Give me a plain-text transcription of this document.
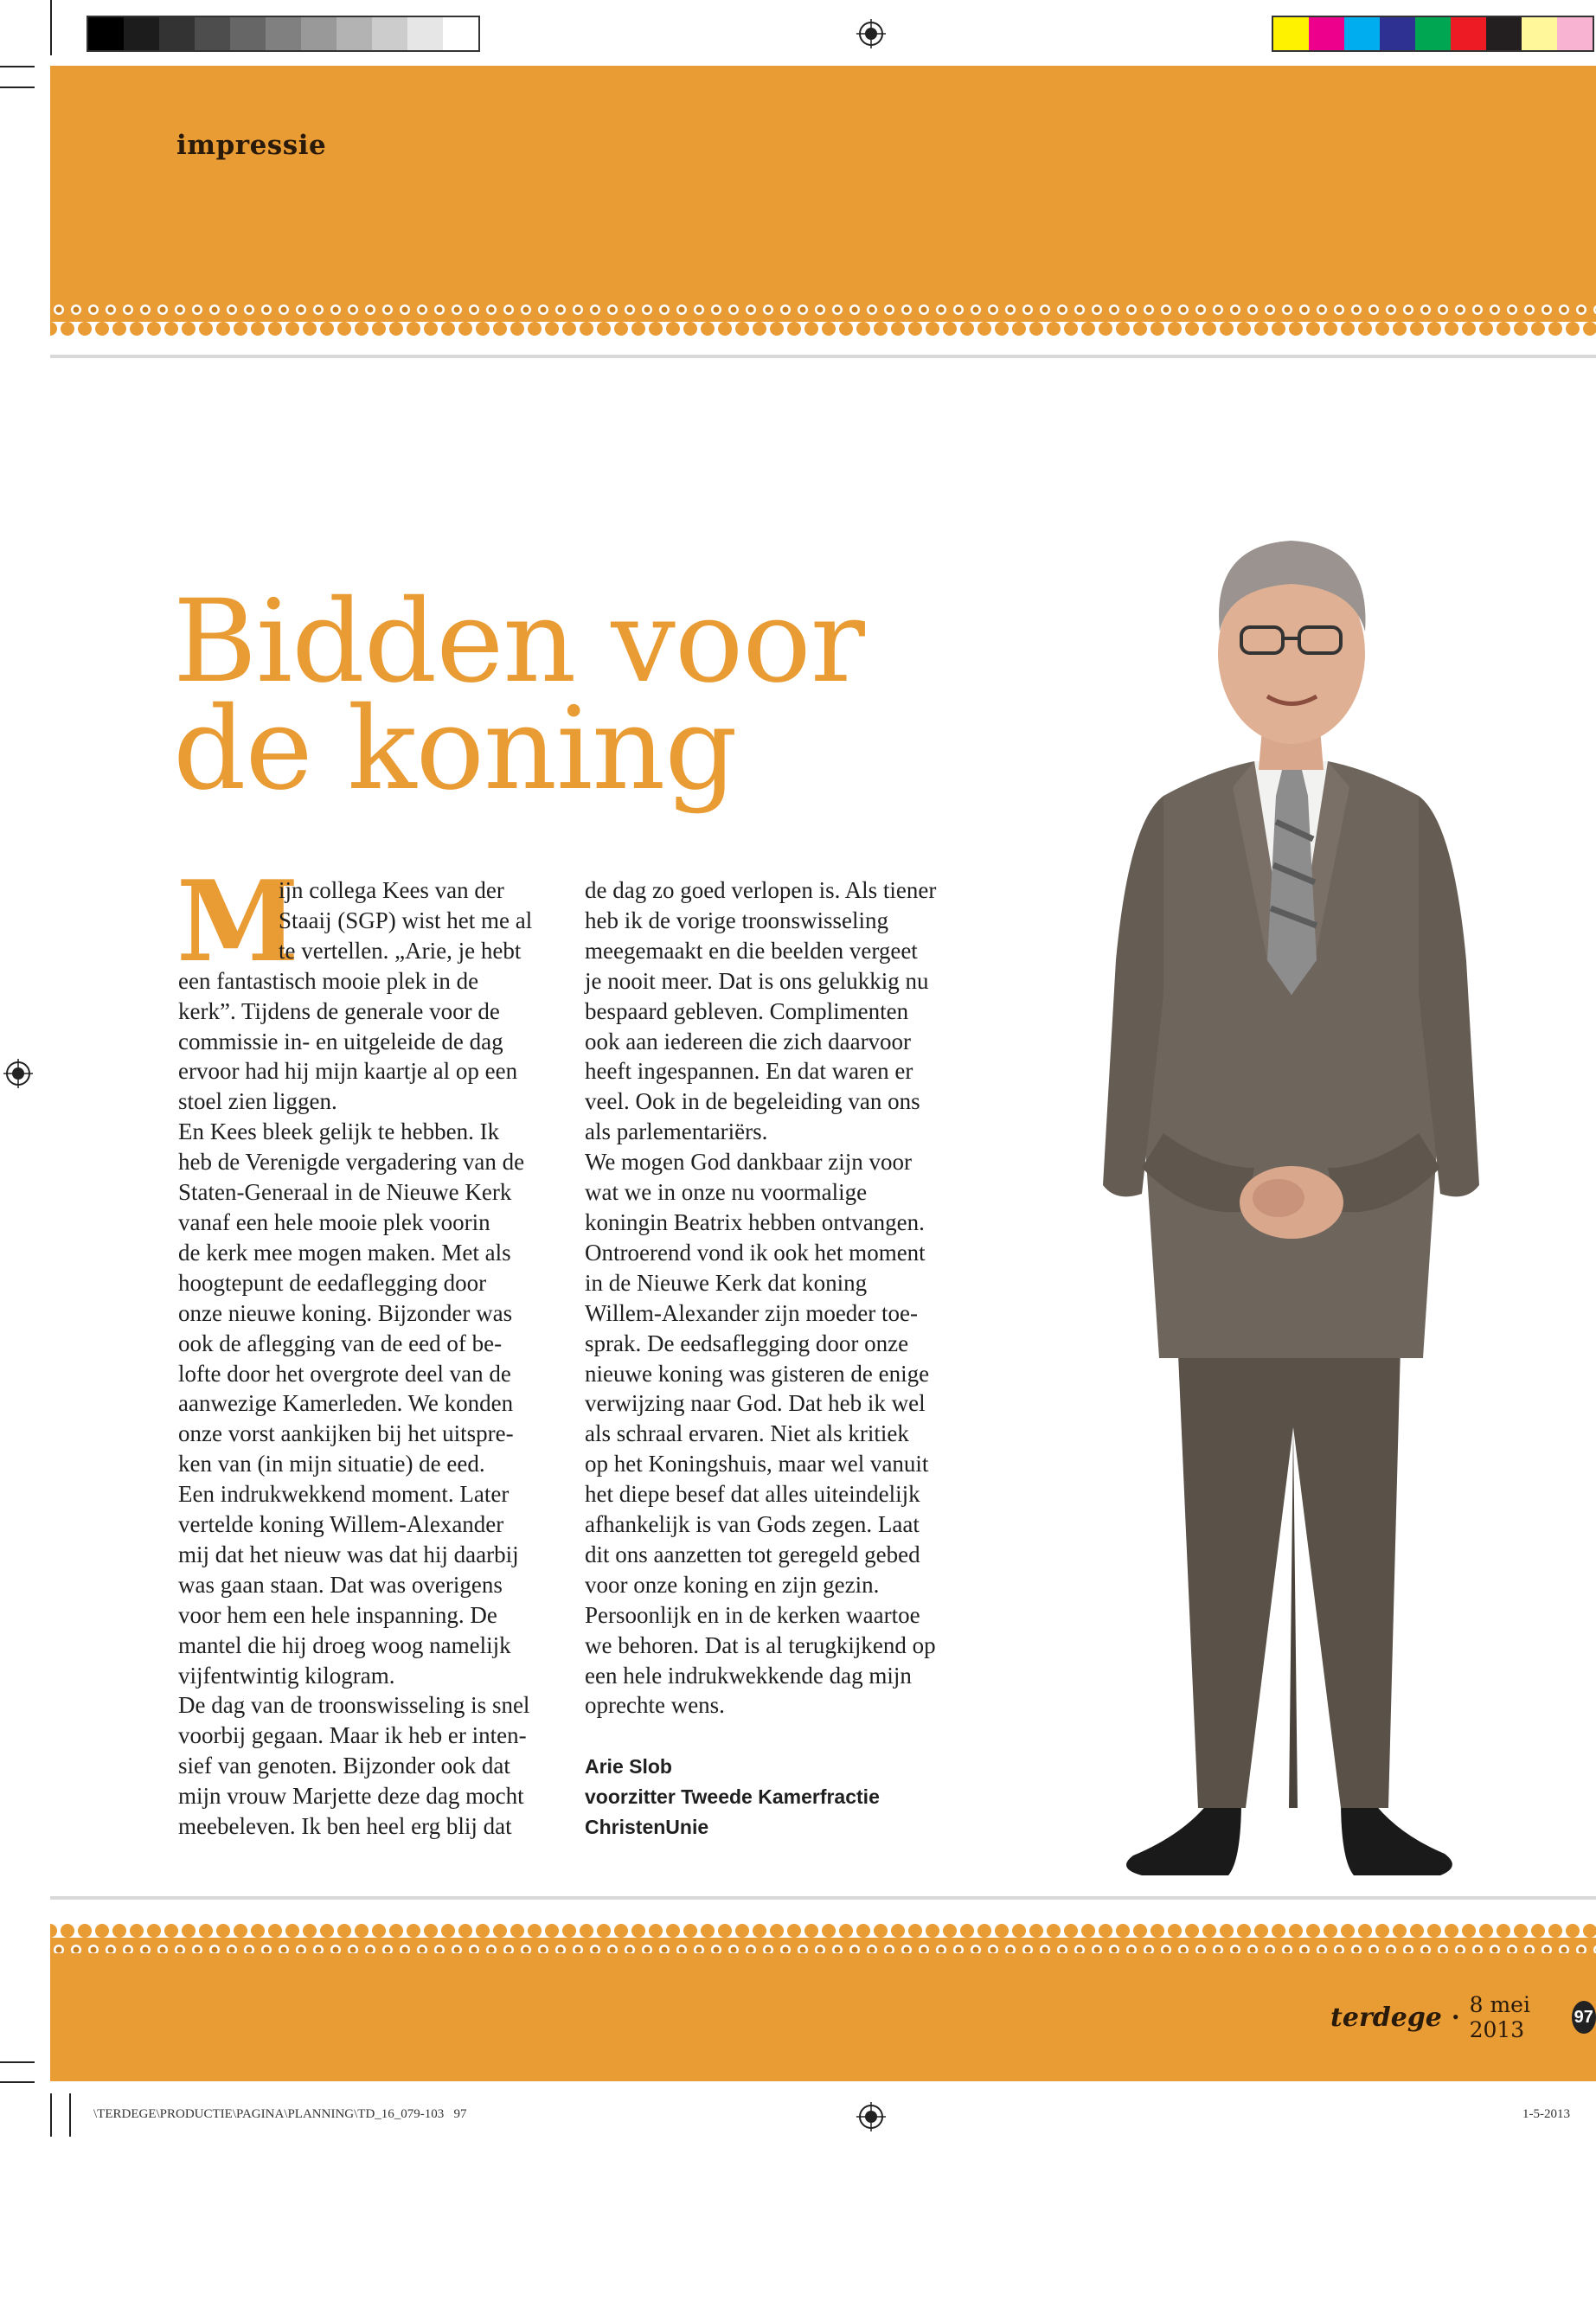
impressie
Bidden voor
de koning
M
ijn collega Kees van der
Staaij (SGP) wist het me al
te vertellen. „Arie, je hebt
een fantastisch mooie plek in de
kerk”. Tijdens de generale voor de
commissie in- en uitgeleide de dag
ervoor had hij mijn kaartje al op een
stoel zien liggen.
En Kees bleek gelijk te hebben. Ik
heb de Verenigde vergadering van de
Staten-Generaal in de Nieuwe Kerk
vanaf een hele mooie plek voorin
de kerk mee mogen maken. Met als
hoogtepunt de eedaflegging door
onze nieuwe koning. Bijzonder was
ook de aflegging van de eed of be-
lofte door het overgrote deel van de
aanwezige Kamerleden. We konden
onze vorst aankijken bij het uitspre-
ken van (in mijn situatie) de eed.
Een indrukwekkend moment. Later
vertelde koning Willem-Alexander
mij dat het nieuw was dat hij daarbij
was gaan staan. Dat was overigens
voor hem een hele inspanning. De
mantel die hij droeg woog namelijk
vijfentwintig kilogram.
De dag van de troonswisseling is snel
voorbij gegaan. Maar ik heb er inten-
sief van genoten. Bijzonder ook dat
mijn vrouw Marjette deze dag mocht
meebeleven. Ik ben heel erg blij dat
de dag zo goed verlopen is. Als tiener
heb ik de vorige troonswisseling
meegemaakt en die beelden vergeet
je nooit meer. Dat is ons gelukkig nu
bespaard gebleven. Complimenten
ook aan iedereen die zich daarvoor
heeft ingespannen. En dat waren er
veel. Ook in de begeleiding van ons
als parlementariërs.
We mogen God dankbaar zijn voor
wat we in onze nu voormalige
koningin Beatrix hebben ontvangen.
Ontroerend vond ik ook het moment
in de Nieuwe Kerk dat koning
Willem-Alexander zijn moeder toe-
sprak. De eedsaflegging door onze
nieuwe koning was gisteren de enige
verwijzing naar God. Dat heb ik wel
als schraal ervaren. Niet als kritiek
op het Koningshuis, maar wel vanuit
het diepe besef dat alles uiteindelijk
afhankelijk is van Gods zegen. Laat
dit ons aanzetten tot geregeld gebed
voor onze koning en zijn gezin.
Persoonlijk en in de kerken waartoe
we behoren. Dat is al terugkijkend op
een hele indrukwekkende dag mijn
oprechte wens.
Arie Slob
voorzitter Tweede Kamerfractie
ChristenUnie
terdege • 8 mei 2013
97
\TERDEGE\PRODUCTIE\PAGINA\PLANNING\TD_16_079-103 97	1-5-2013
